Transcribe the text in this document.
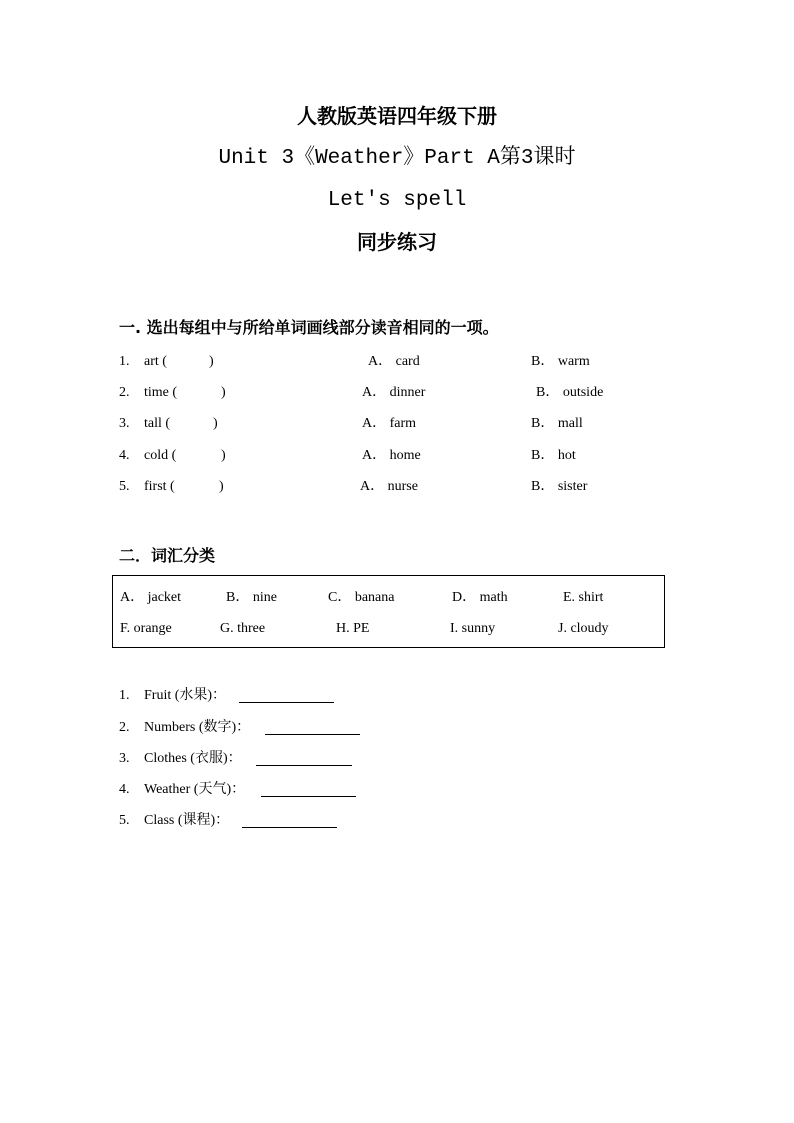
人教版英语四年级下册
Unit 3《Weather》Part A第3课时
Let's spell
同步练习
一. 选出每组中与所给单词画线部分读音相同的一项。
1. art (	)	A． card	B． warm
2. time (	)	A． dinner	B． outside
3. tall (	)	A． farm	B． mall
4. cold (	)	A． home	B． hot
5. first (	)	A． nurse	B． sister
二．词汇分类
A． jacket	B． nine	C． banana	D． math	E. shirt
F. orange	G. three	H. PE	I. sunny	J. cloudy
1. Fruit (水果)：
2. Numbers (数字)：
3. Clothes (衣服)：
4. Weather (天气)：
5. Class (课程)：
